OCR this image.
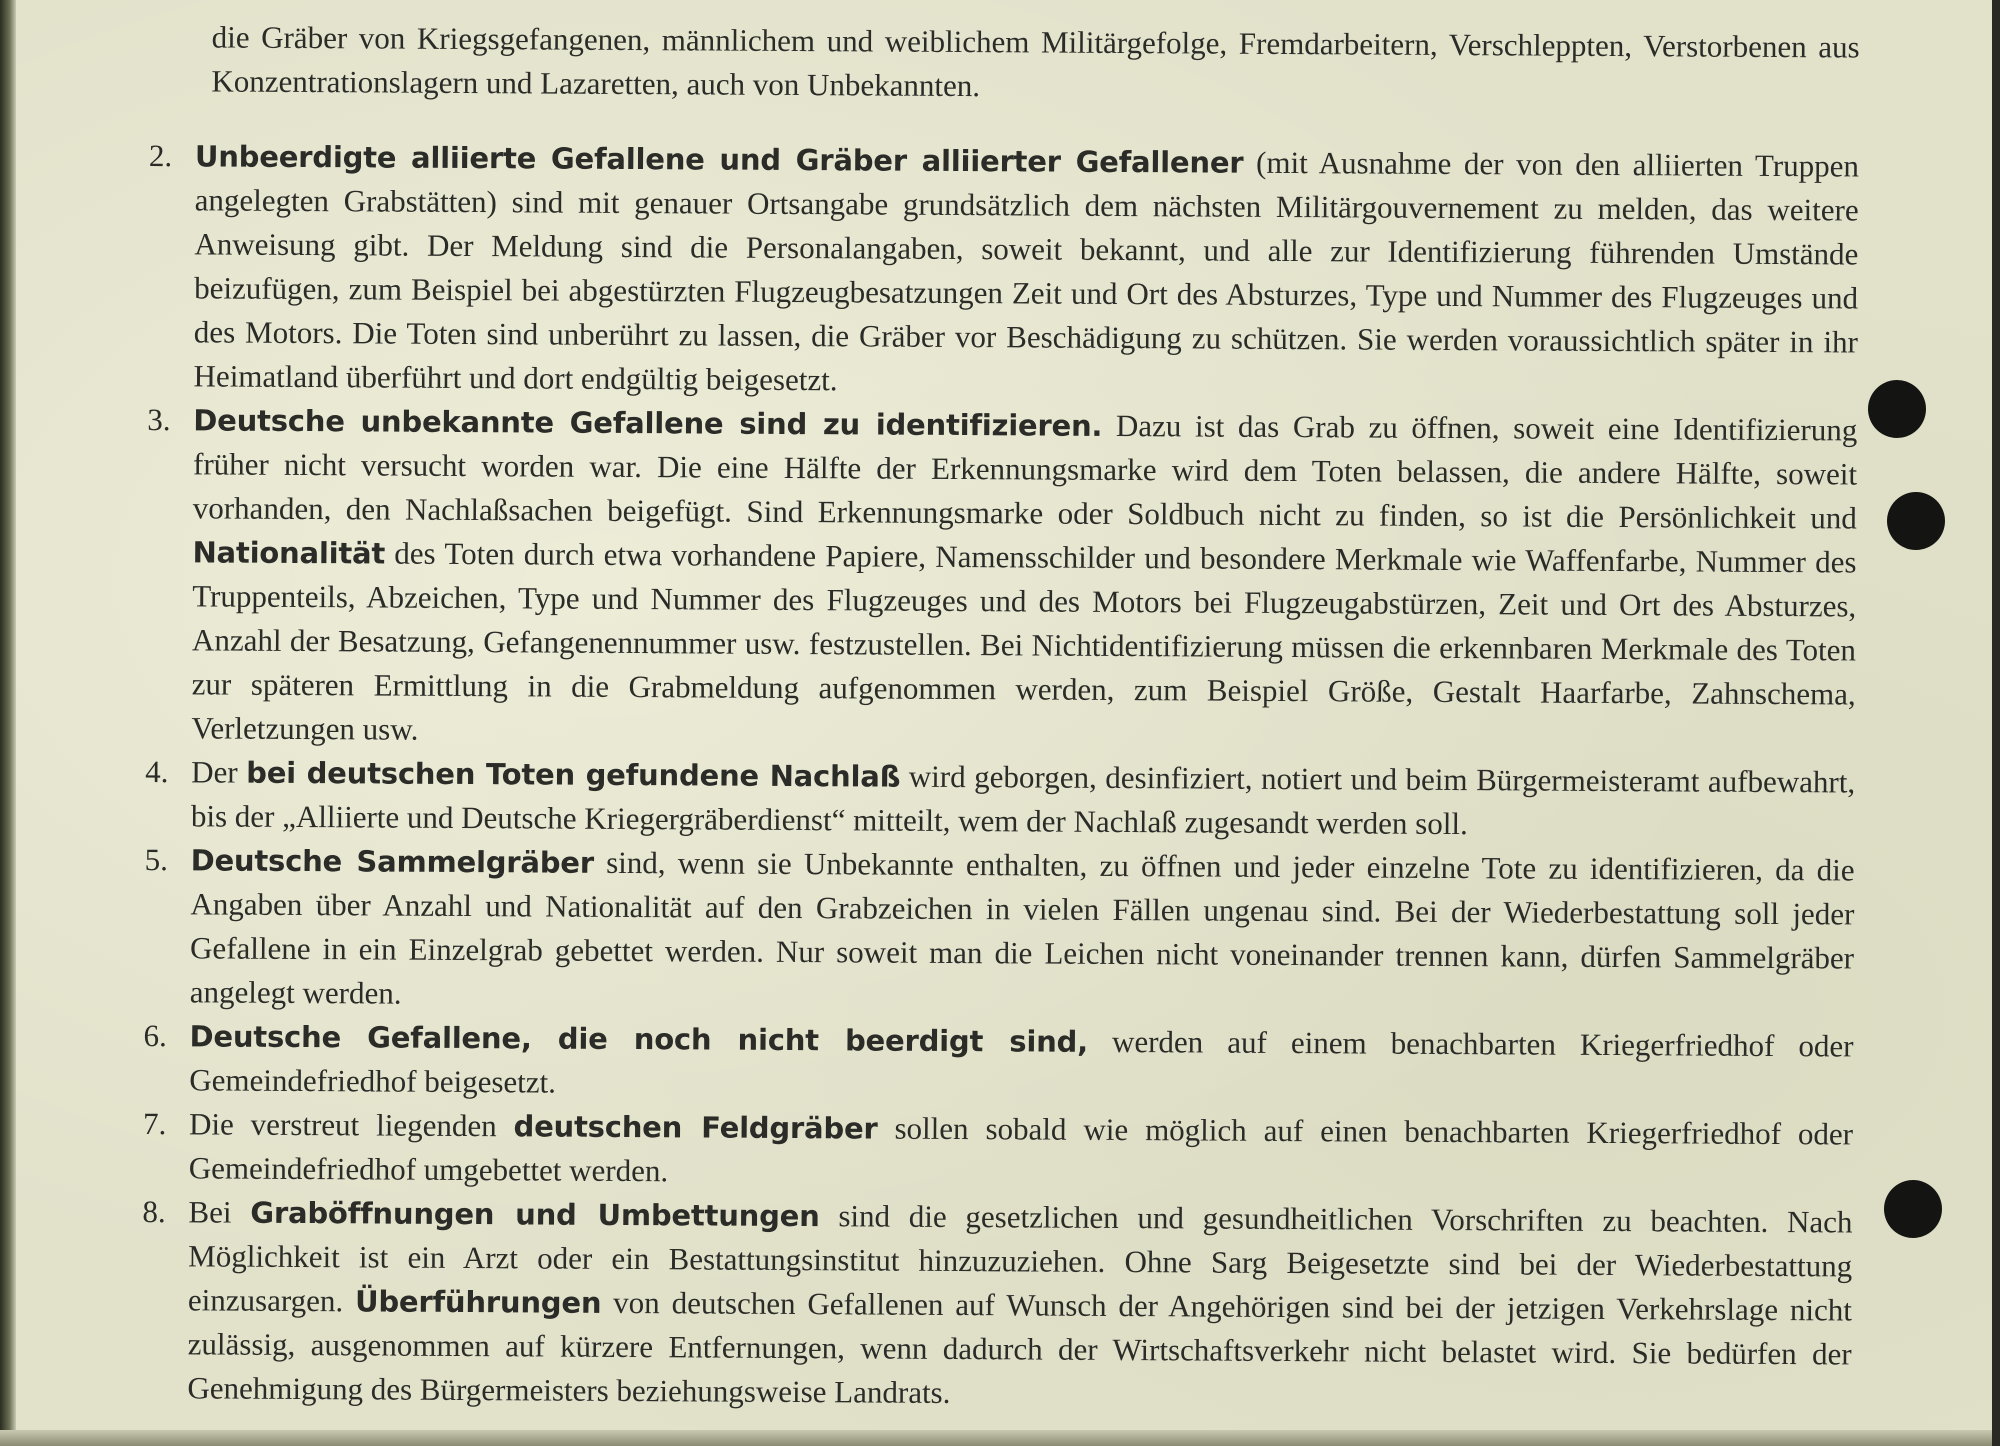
die Gräber von Kriegsgefangenen, männlichem und weiblichem Militärgefolge, Fremdarbeitern, Verschleppten, Verstorbenen aus Konzentrationslagern und Lazaretten, auch von Unbekannten.

2. Unbeerdigte alliierte Gefallene und Gräber alliierter Gefallener (mit Ausnahme der von den alliierten Truppen angelegten Grabstätten) sind mit genauer Ortsangabe grundsätzlich dem nächsten Militärgouvernement zu melden, das weitere Anweisung gibt. Der Meldung sind die Personalangaben, soweit bekannt, und alle zur Identifizierung führenden Umstände beizufügen, zum Beispiel bei abgestürzten Flugzeugbesatzungen Zeit und Ort des Absturzes, Type und Nummer des Flugzeuges und des Motors. Die Toten sind unberührt zu lassen, die Gräber vor Beschädigung zu schützen. Sie werden voraussichtlich später in ihr Heimatland überführt und dort endgültig beigesetzt.

3. Deutsche unbekannte Gefallene sind zu identifizieren. Dazu ist das Grab zu öffnen, soweit eine Identifizierung früher nicht versucht worden war. Die eine Hälfte der Erkennungsmarke wird dem Toten belassen, die andere Hälfte, soweit vorhanden, den Nachlaßsachen beigefügt. Sind Erkennungsmarke oder Soldbuch nicht zu finden, so ist die Persönlichkeit und Nationalität des Toten durch etwa vorhandene Papiere, Namensschilder und besondere Merkmale wie Waffenfarbe, Nummer des Truppenteils, Abzeichen, Type und Nummer des Flugzeuges und des Motors bei Flugzeugabstürzen, Zeit und Ort des Absturzes, Anzahl der Besatzung, Gefangenennummer usw. festzustellen. Bei Nichtidentifizierung müssen die erkennbaren Merkmale des Toten zur späteren Ermittlung in die Grabmeldung aufgenommen werden, zum Beispiel Größe, Gestalt Haarfarbe, Zahnschema, Verletzungen usw.

4. Der bei deutschen Toten gefundene Nachlaß wird geborgen, desinfiziert, notiert und beim Bürgermeisteramt aufbewahrt, bis der „Alliierte und Deutsche Kriegergräberdienst“ mitteilt, wem der Nachlaß zugesandt werden soll.

5. Deutsche Sammelgräber sind, wenn sie Unbekannte enthalten, zu öffnen und jeder einzelne Tote zu identifizieren, da die Angaben über Anzahl und Nationalität auf den Grabzeichen in vielen Fällen ungenau sind. Bei der Wiederbestattung soll jeder Gefallene in ein Einzelgrab gebettet werden. Nur soweit man die Leichen nicht voneinander trennen kann, dürfen Sammelgräber angelegt werden.

6. Deutsche Gefallene, die noch nicht beerdigt sind, werden auf einem benachbarten Kriegerfriedhof oder Gemeindefriedhof beigesetzt.

7. Die verstreut liegenden deutschen Feldgräber sollen sobald wie möglich auf einen benachbarten Kriegerfriedhof oder Gemeindefriedhof umgebettet werden.

8. Bei Graböffnungen und Umbettungen sind die gesetzlichen und gesundheitlichen Vorschriften zu beachten. Nach Möglichkeit ist ein Arzt oder ein Bestattungsinstitut hinzuzuziehen. Ohne Sarg Beigesetzte sind bei der Wiederbestattung einzusargen. Überführungen von deutschen Gefallenen auf Wunsch der Angehörigen sind bei der jetzigen Verkehrslage nicht zulässig, ausgenommen auf kürzere Entfernungen, wenn dadurch der Wirtschaftsverkehr nicht belastet wird. Sie bedürfen der Genehmigung des Bürgermeisters beziehungsweise Landrats.
